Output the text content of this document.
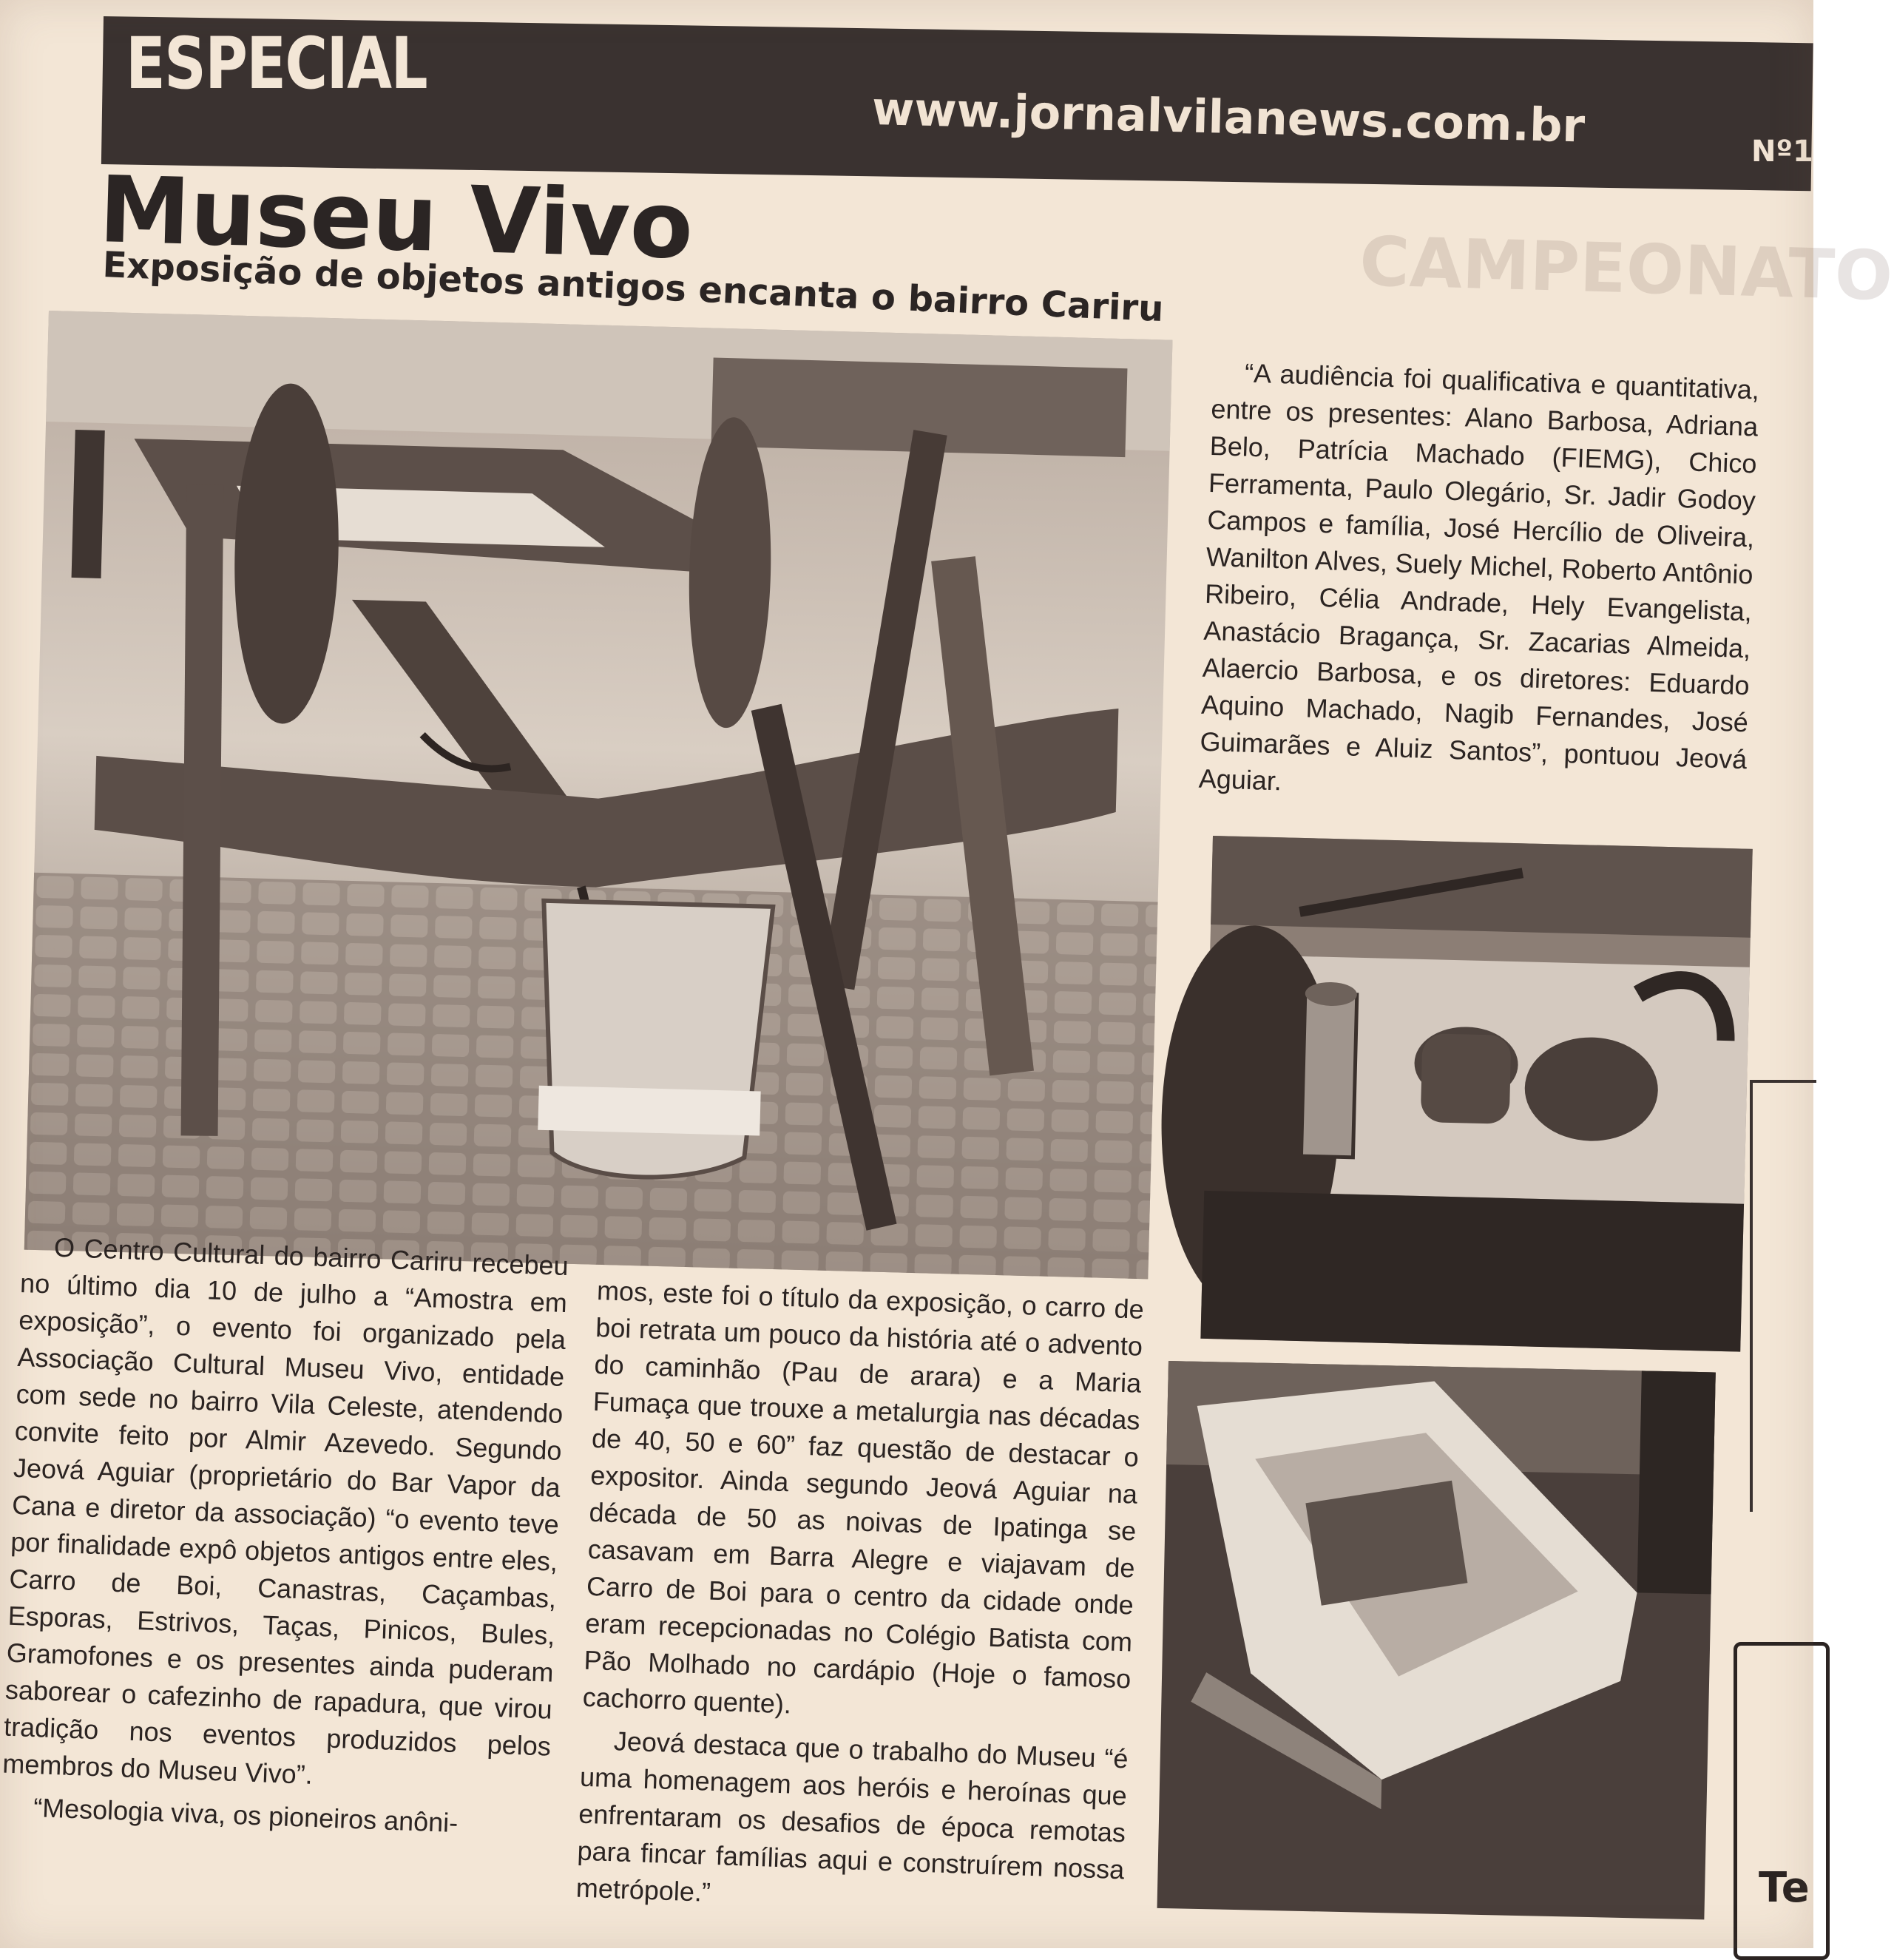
ESPECIAL
www.jornalvilanews.com.br	Nº1
CAMPEONATO
Museu Vivo
Exposição de objetos antigos encanta o bairro Cariru

“A audiência foi qualificativa e quantitativa, entre os presentes: Alano Barbosa, Adriana Belo, Patrícia Machado (FIEMG), Chico Ferramenta, Paulo Olegário, Sr. Jadir Godoy Campos e família, José Hercílio de Oliveira, Wanilton Alves, Suely Michel, Roberto Antônio Ribeiro, Célia Andrade, Hely Evangelista, Anastácio Bragança, Sr. Zacarias Almeida, Alaercio Barbosa, e os diretores: Eduardo Aquino Machado, Nagib Fernandes, José Guimarães e Aluiz Santos”, pontuou Jeová Aguiar.

O Centro Cultural do bairro Cariru recebeu no último dia 10 de julho a “Amostra em exposição”, o evento foi organizado pela Associação Cultural Museu Vivo, entidade com sede no bairro Vila Celeste, atendendo convite feito por Almir Azevedo. Segundo Jeová Aguiar (proprietário do Bar Vapor da Cana e diretor da associação) “o evento teve por finalidade expô objetos antigos entre eles, Carro de Boi, Canastras, Caçambas, Esporas, Estrivos, Taças, Pinicos, Bules, Gramofones e os presentes ainda puderam saborear o cafezinho de rapadura, que virou tradição nos eventos produzidos pelos membros do Museu Vivo”.

“Mesologia viva, os pioneiros anôni-

mos, este foi o título da exposição, o carro de boi retrata um pouco da história até o advento do caminhão (Pau de arara) e a Maria Fumaça que trouxe a metalurgia nas décadas de 40, 50 e 60” faz questão de destacar o expositor. Ainda segundo Jeová Aguiar na década de 50 as noivas de Ipatinga se casavam em Barra Alegre e viajavam de Carro de Boi para o centro da cidade onde eram recepcionadas no Colégio Batista com Pão Molhado no cardápio (Hoje o famoso cachorro quente).

Jeová destaca que o trabalho do Museu “é uma homenagem aos heróis e heroínas que enfrentaram os desafios de época remotas para fincar famílias aqui e construírem nossa metrópole.”	Te
